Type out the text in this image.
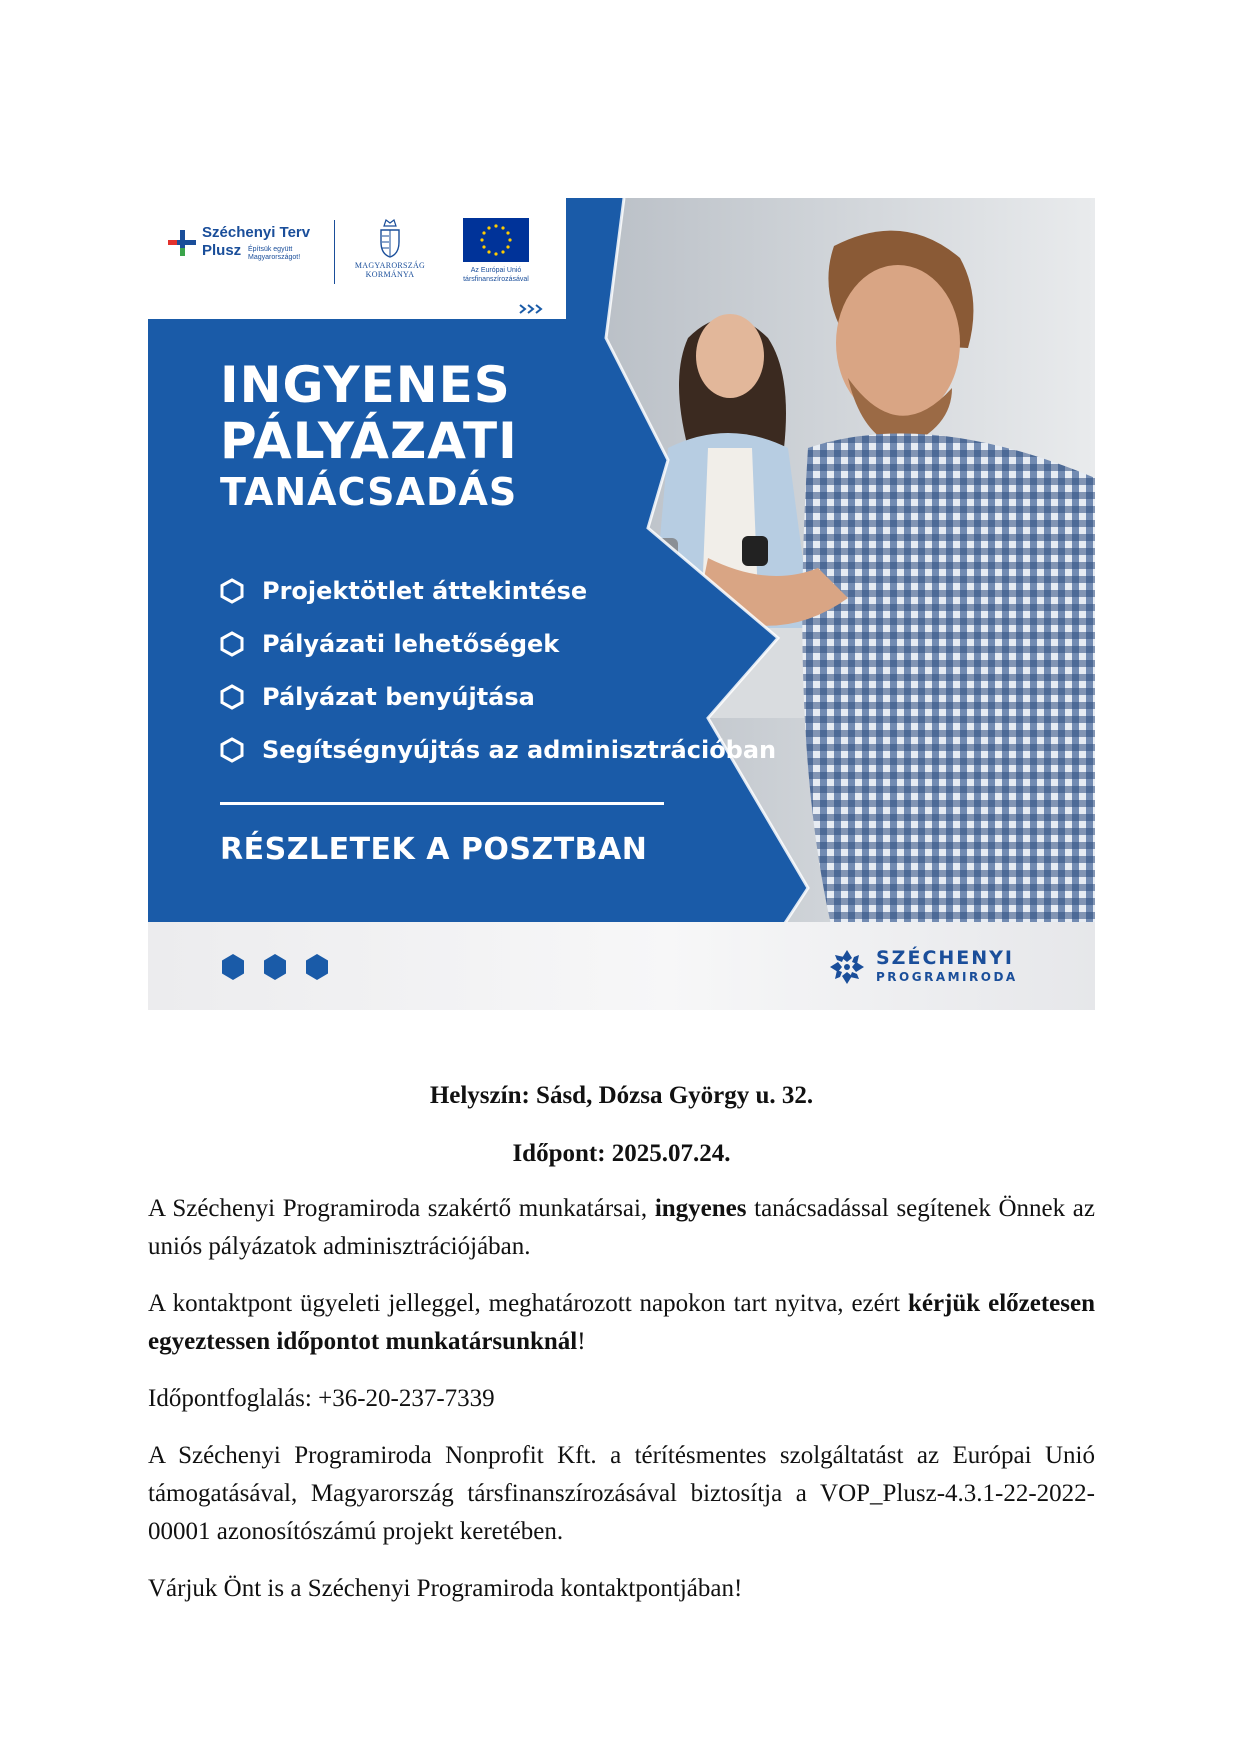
Széchenyi Terv
Plusz Építsük együtt Magyarországot!
MAGYARORSZÁG
KORMÁNYA	Az Európai Unió
társfinanszírozásával
INGYENES
PÁLYÁZATI
TANÁCSADÁS
Projektötlet áttekintése
Pályázati lehetőségek
Pályázat benyújtása
Segítségnyújtás az adminisztrációban
RÉSZLETEK A POSZTBAN
SZÉCHENYI
PROGRAMIRODA
Helyszín: Sásd, Dózsa György u. 32.
Időpont: 2025.07.24.
A Széchenyi Programiroda szakértő munkatársai, ingyenes tanácsadással segítenek Önnek az uniós pályázatok adminisztrációjában.
A kontaktpont ügyeleti jelleggel, meghatározott napokon tart nyitva, ezért kérjük előzetesen egyeztessen időpontot munkatársunknál!
Időpontfoglalás: +36-20-237-7339
A Széchenyi Programiroda Nonprofit Kft. a térítésmentes szolgáltatást az Európai Unió támogatásával, Magyarország társfinanszírozásával biztosítja a VOP_Plusz-4.3.1-22-2022-00001 azonosítószámú projekt keretében.
Várjuk Önt is a Széchenyi Programiroda kontaktpontjában!
